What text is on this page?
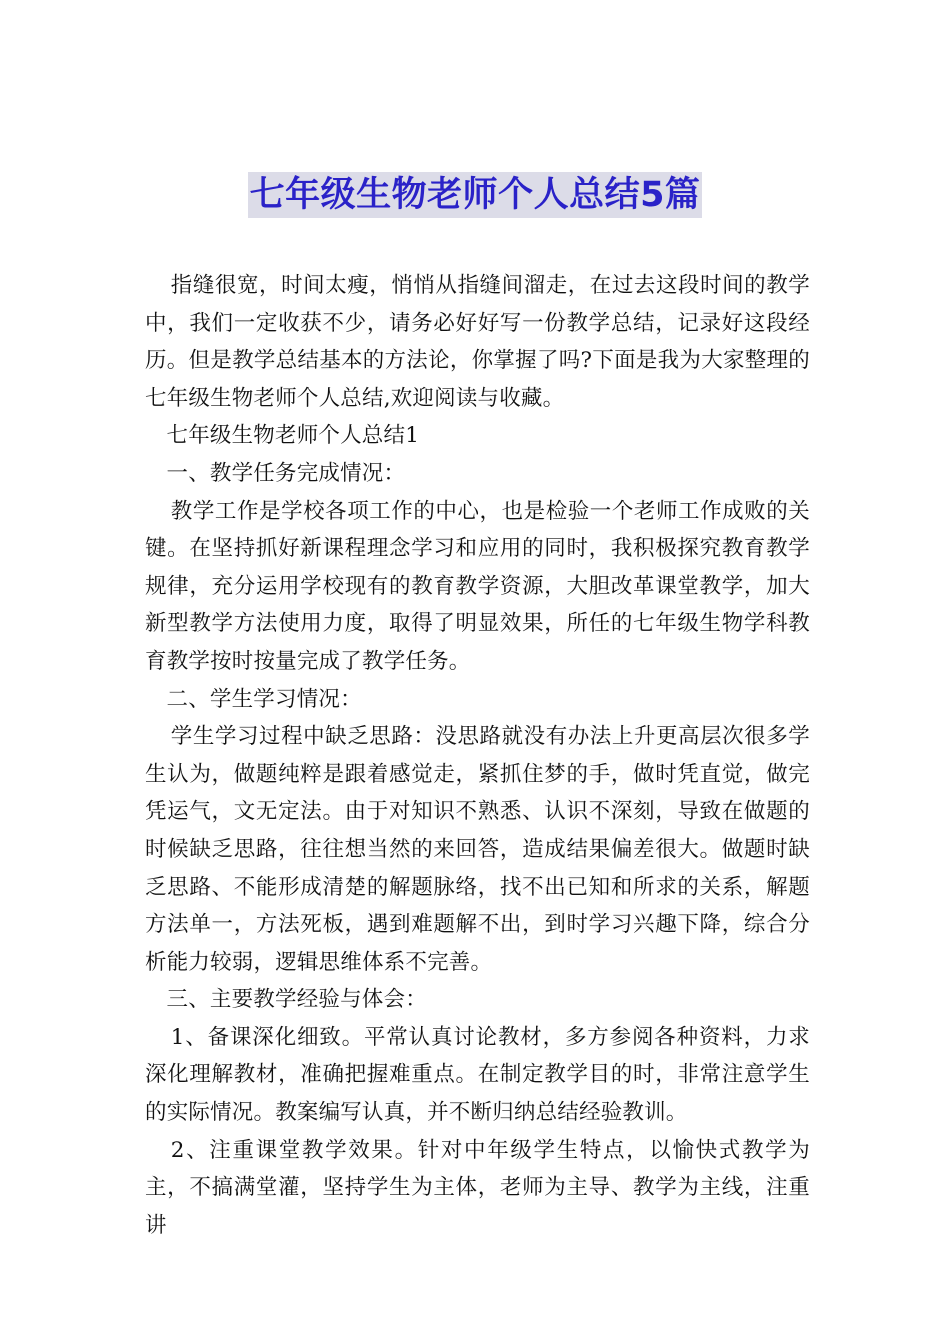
七年级生物老师个人总结5篇

指缝很宽，时间太瘦，悄悄从指缝间溜走，在过去这段时间的教学中，我们一定收获不少，请务必好好写一份教学总结，记录好这段经历。但是教学总结基本的方法论，你掌握了吗?下面是我为大家整理的七年级生物老师个人总结,欢迎阅读与收藏。

七年级生物老师个人总结1

一、教学任务完成情况：

教学工作是学校各项工作的中心，也是检验一个老师工作成败的关键。在坚持抓好新课程理念学习和应用的同时，我积极探究教育教学规律，充分运用学校现有的教育教学资源，大胆改革课堂教学，加大新型教学方法使用力度，取得了明显效果，所任的七年级生物学科教育教学按时按量完成了教学任务。

二、学生学习情况：

学生学习过程中缺乏思路：没思路就没有办法上升更高层次很多学生认为，做题纯粹是跟着感觉走，紧抓住梦的手，做时凭直觉，做完凭运气，文无定法。由于对知识不熟悉、认识不深刻，导致在做题的时候缺乏思路，往往想当然的来回答，造成结果偏差很大。做题时缺乏思路、不能形成清楚的解题脉络，找不出已知和所求的关系，解题方法单一，方法死板，遇到难题解不出，到时学习兴趣下降，综合分析能力较弱，逻辑思维体系不完善。

三、主要教学经验与体会：

1、备课深化细致。平常认真讨论教材，多方参阅各种资料，力求深化理解教材，准确把握难重点。在制定教学目的时，非常注意学生的实际情况。教案编写认真，并不断归纳总结经验教训。

2、注重课堂教学效果。针对中年级学生特点，以愉快式教学为主，不搞满堂灌，坚持学生为主体，老师为主导、教学为主线，注重讲
